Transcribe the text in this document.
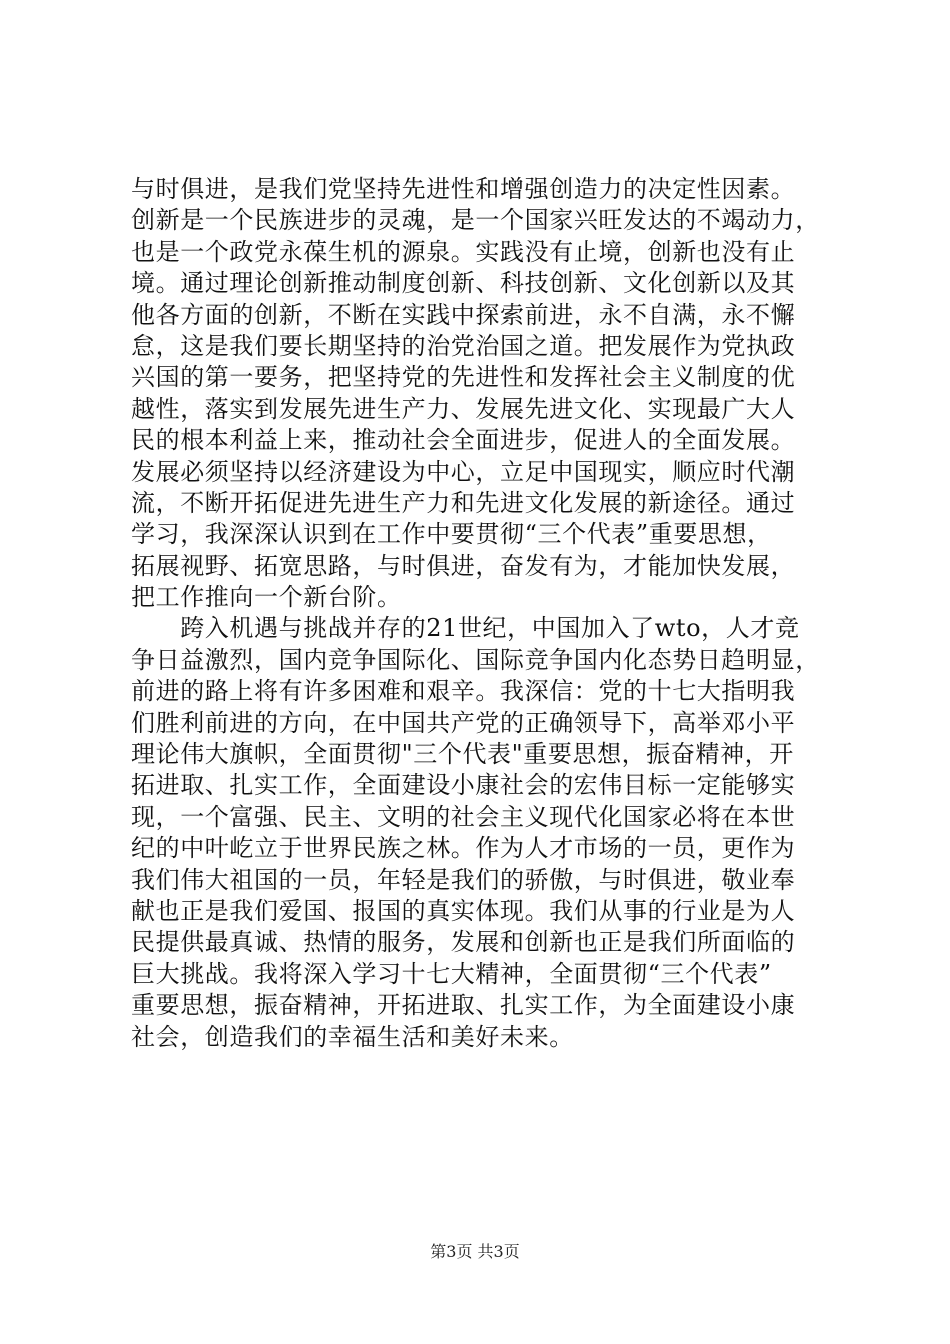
与时俱进，是我们党坚持先进性和增强创造力的决定性因素。
创新是一个民族进步的灵魂，是一个国家兴旺发达的不竭动力，
也是一个政党永葆生机的源泉。实践没有止境，创新也没有止
境。通过理论创新推动制度创新、科技创新、文化创新以及其
他各方面的创新，不断在实践中探索前进，永不自满，永不懈
怠，这是我们要长期坚持的治党治国之道。把发展作为党执政
兴国的第一要务，把坚持党的先进性和发挥社会主义制度的优
越性，落实到发展先进生产力、发展先进文化、实现最广大人
民的根本利益上来，推动社会全面进步，促进人的全面发展。
发展必须坚持以经济建设为中心，立足中国现实，顺应时代潮
流，不断开拓促进先进生产力和先进文化发展的新途径。通过
学习，我深深认识到在工作中要贯彻“三个代表”重要思想，
拓展视野、拓宽思路，与时俱进，奋发有为，才能加快发展，
把工作推向一个新台阶。
　　跨入机遇与挑战并存的21世纪，中国加入了wto，人才竞
争日益激烈，国内竞争国际化、国际竞争国内化态势日趋明显，
前进的路上将有许多困难和艰辛。我深信：党的十七大指明我
们胜利前进的方向，在中国共产党的正确领导下，高举邓小平
理论伟大旗帜，全面贯彻"三个代表"重要思想，振奋精神，开
拓进取、扎实工作，全面建设小康社会的宏伟目标一定能够实
现，一个富强、民主、文明的社会主义现代化国家必将在本世
纪的中叶屹立于世界民族之林。作为人才市场的一员，更作为
我们伟大祖国的一员，年轻是我们的骄傲，与时俱进，敬业奉
献也正是我们爱国、报国的真实体现。我们从事的行业是为人
民提供最真诚、热情的服务，发展和创新也正是我们所面临的
巨大挑战。我将深入学习十七大精神，全面贯彻“三个代表”
重要思想，振奋精神，开拓进取、扎实工作，为全面建设小康
社会，创造我们的幸福生活和美好未来。
第3页 共3页
